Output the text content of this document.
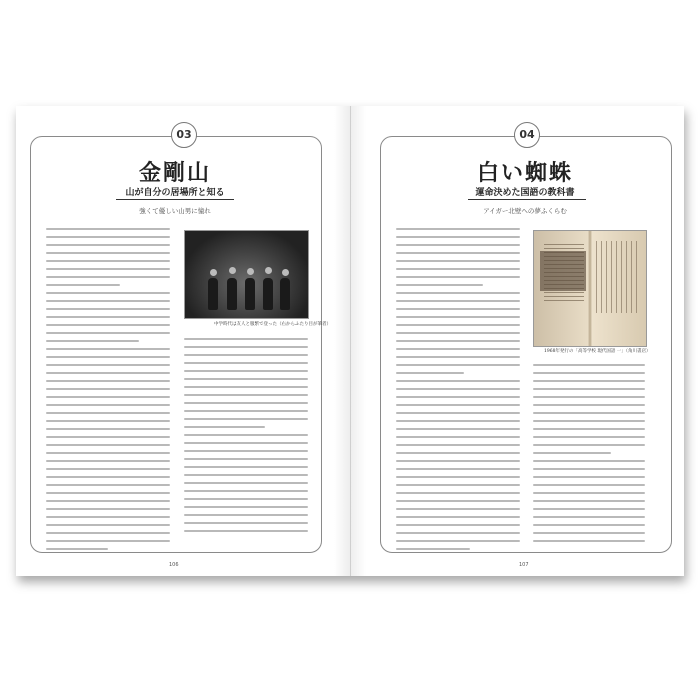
03
金剛山
山が自分の居場所と知る
強くて優しい山男に憧れ
中学時代は友人と服繁で登った（右からふたり目が筆者）
106
04
白い蜘蛛
運命決めた国語の教科書
アイガー北壁への夢ふくらむ
1968年発行の「高等学校 現代国語 一」（角川書店）
107
